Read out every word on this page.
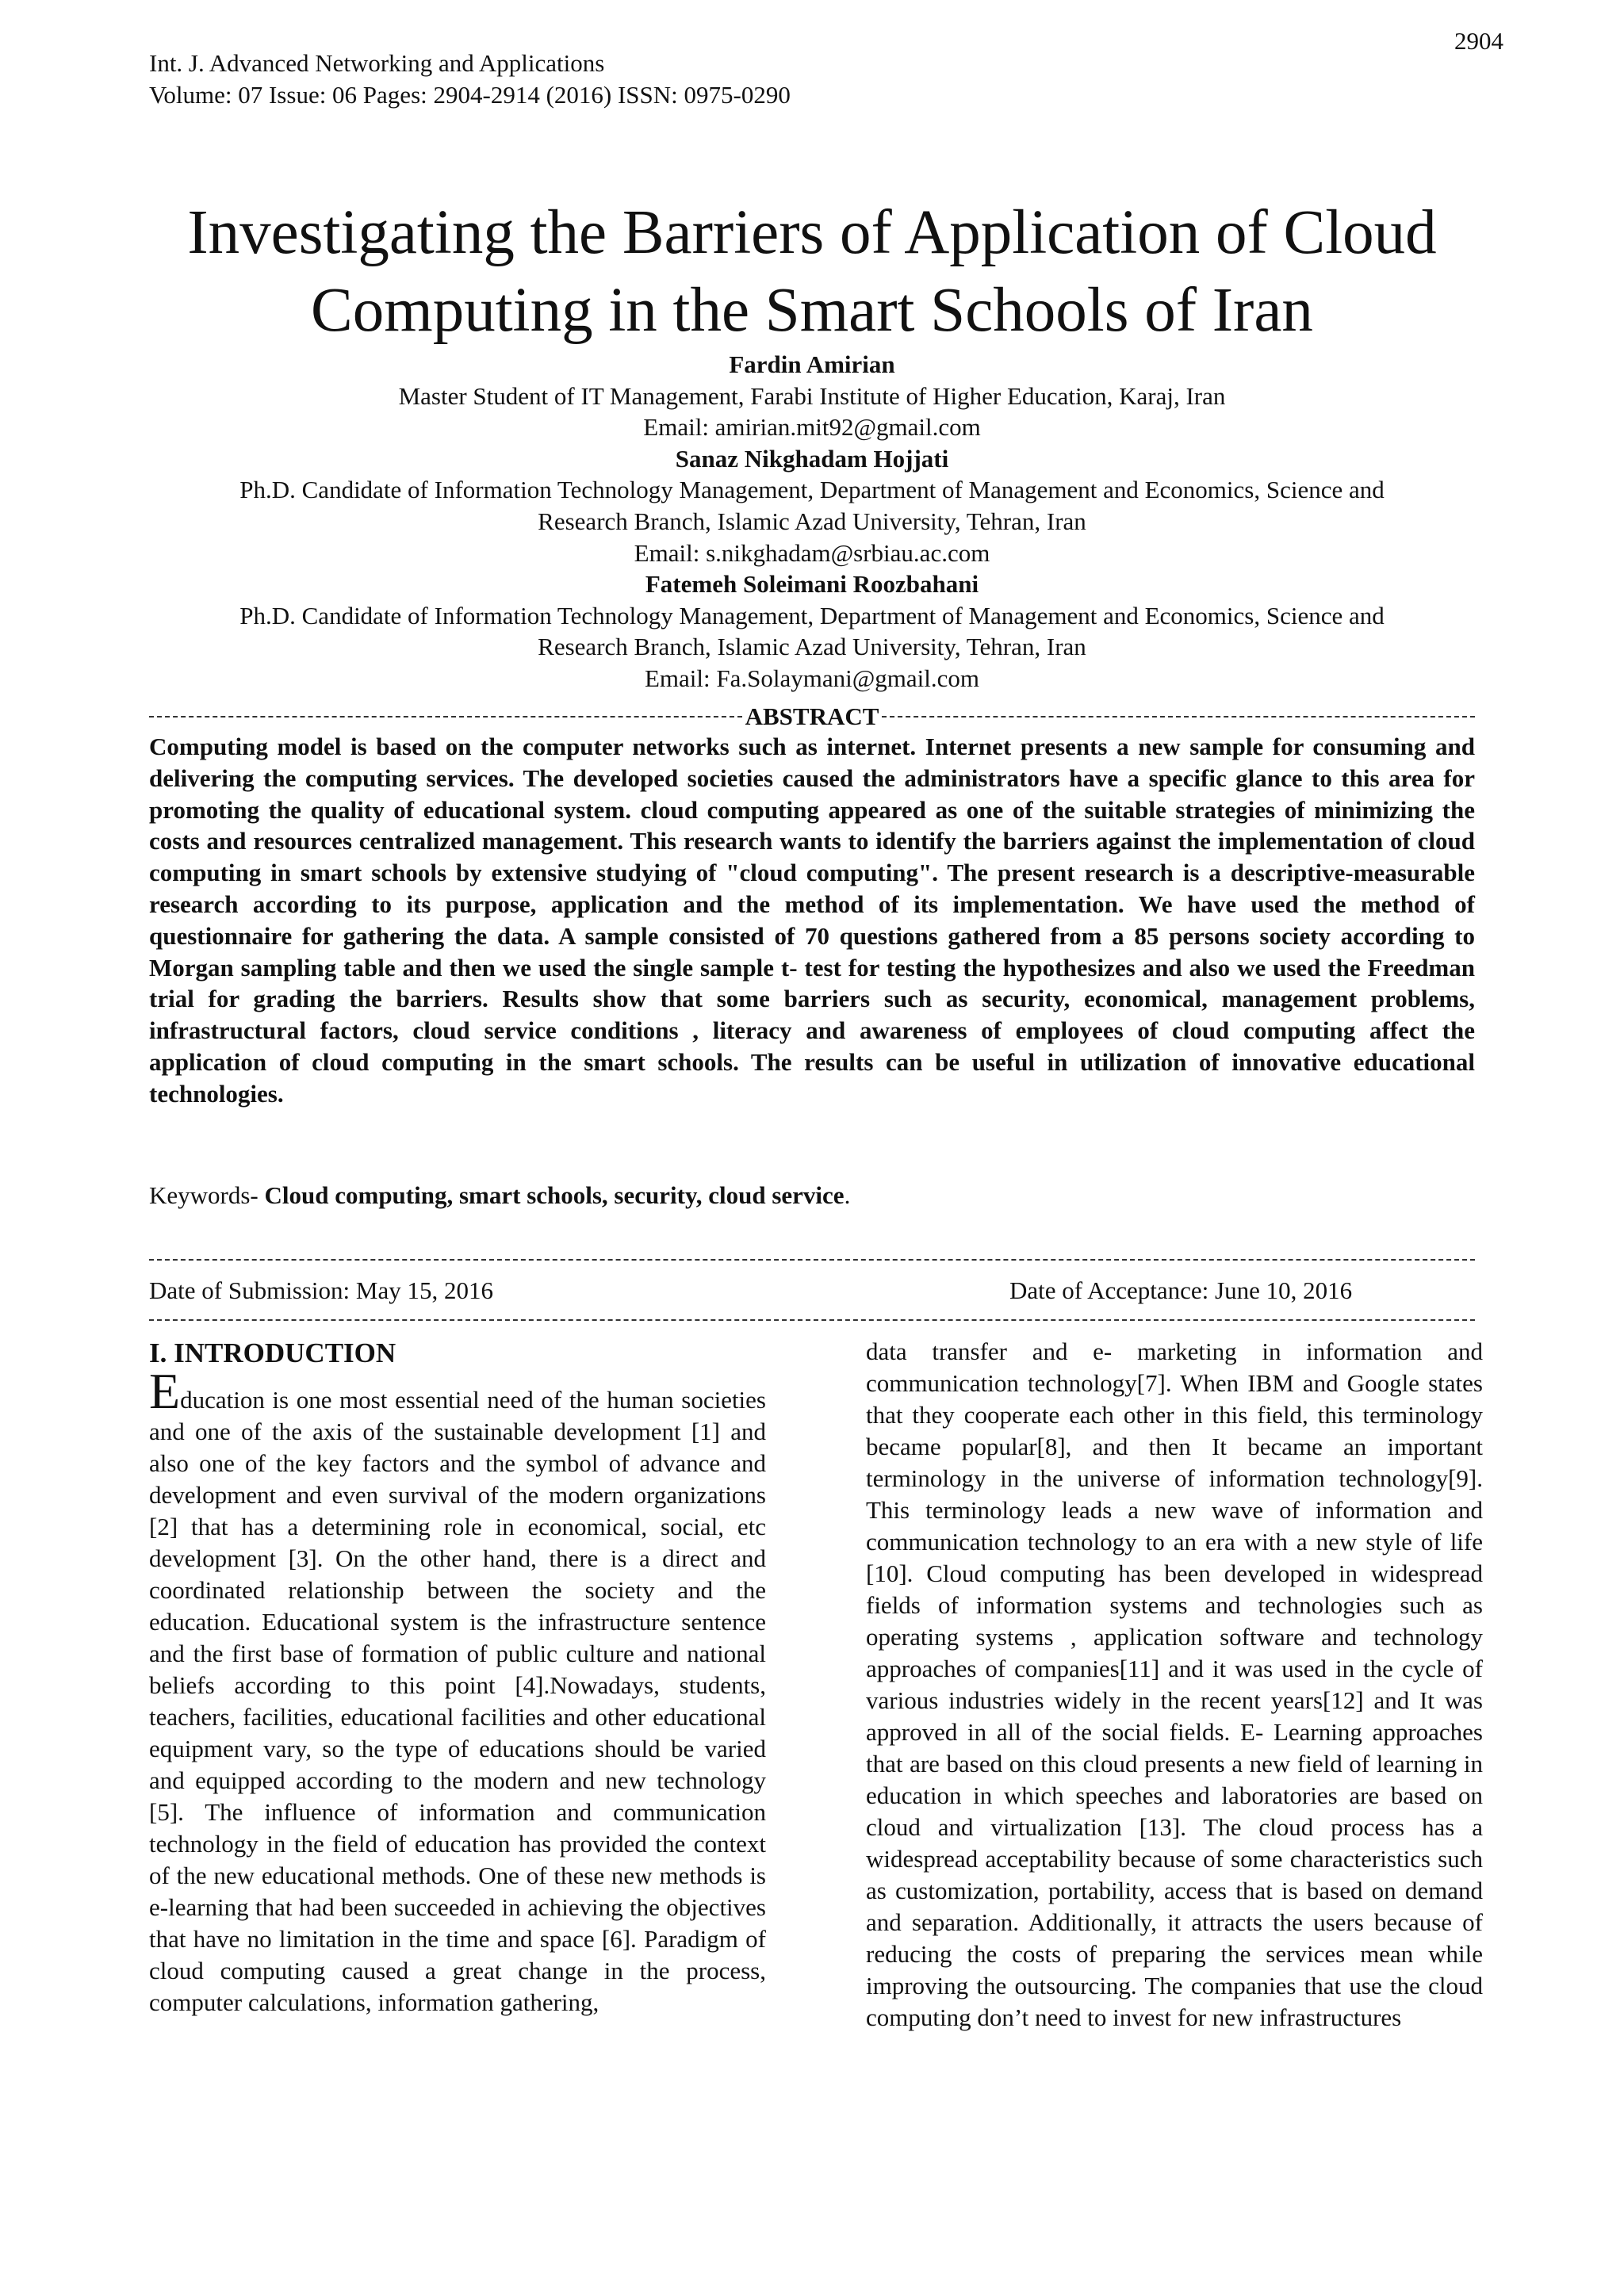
Int. J. Advanced Networking and Applications
Volume: 07 Issue: 06 Pages: 2904-2914 (2016) ISSN: 0975-0290
2904
Investigating the Barriers of Application of Cloud
Computing in the Smart Schools of Iran
Fardin Amirian
Master Student of IT Management, Farabi Institute of Higher Education, Karaj, Iran
Email: amirian.mit92@gmail.com
Sanaz Nikghadam Hojjati
Ph.D. Candidate of Information Technology Management, Department of Management and Economics, Science and
Research Branch, Islamic Azad University, Tehran, Iran
Email: s.nikghadam@srbiau.ac.com
Fatemeh Soleimani Roozbahani
Ph.D. Candidate of Information Technology Management, Department of Management and Economics, Science and
Research Branch, Islamic Azad University, Tehran, Iran
Email: Fa.Solaymani@gmail.com
ABSTRACT

Computing model is based on the computer networks such as internet. Internet presents a new sample for consuming and delivering the computing services. The developed societies caused the administrators have a specific glance to this area for promoting the quality of educational system. cloud computing appeared as one of the suitable strategies of minimizing the costs and resources centralized management. This research wants to identify the barriers against the implementation of cloud computing in smart schools by extensive studying of "cloud computing". The present research is a descriptive-measurable research according to its purpose, application and the method of its implementation. We have used the method of questionnaire for gathering the data. A sample consisted of 70 questions gathered from a 85 persons society according to Morgan sampling table and then we used the single sample t- test for testing the hypothesizes and also we used the Freedman trial for grading the barriers. Results show that some barriers such as security, economical, management problems, infrastructural factors, cloud service conditions , literacy and awareness of employees of cloud computing affect the application of cloud computing in the smart schools. The results can be useful in utilization of innovative educational technologies.

Keywords- Cloud computing, smart schools, security, cloud service.
Date of Submission: May 15, 2016	Date of Acceptance: June 10, 2016
I. INTRODUCTION

Education is one most essential need of the human societies and one of the axis of the sustainable development [1] and also one of the key factors and the symbol of advance and development and even survival of the modern organizations [2] that has a determining role in economical, social, etc development [3]. On the other hand, there is a direct and coordinated relationship between the society and the education. Educational system is the infrastructure sentence and the first base of formation of public culture and national beliefs according to this point [4].Nowadays, students, teachers, facilities, educational facilities and other educational equipment vary, so the type of educations should be varied and equipped according to the modern and new technology [5]. The influence of information and communication technology in the field of education has provided the context of the new educational methods. One of these new methods is e-learning that had been succeeded in achieving the objectives that have no limitation in the time and space [6]. Paradigm of cloud computing caused a great change in the process, computer calculations, information gathering,

data transfer and e- marketing in information and communication technology[7]. When IBM and Google states that they cooperate each other in this field, this terminology became popular[8], and then It became an important terminology in the universe of information technology[9]. This terminology leads a new wave of information and communication technology to an era with a new style of life [10]. Cloud computing has been developed in widespread fields of information systems and technologies such as operating systems , application software and technology approaches of companies[11] and it was used in the cycle of various industries widely in the recent years[12] and It was approved in all of the social fields. E- Learning approaches that are based on this cloud presents a new field of learning in education in which speeches and laboratories are based on cloud and virtualization [13]. The cloud process has a widespread acceptability because of some characteristics such as customization, portability, access that is based on demand and separation. Additionally, it attracts the users because of reducing the costs of preparing the services mean while improving the outsourcing. The companies that use the cloud computing don’t need to invest for new infrastructures
